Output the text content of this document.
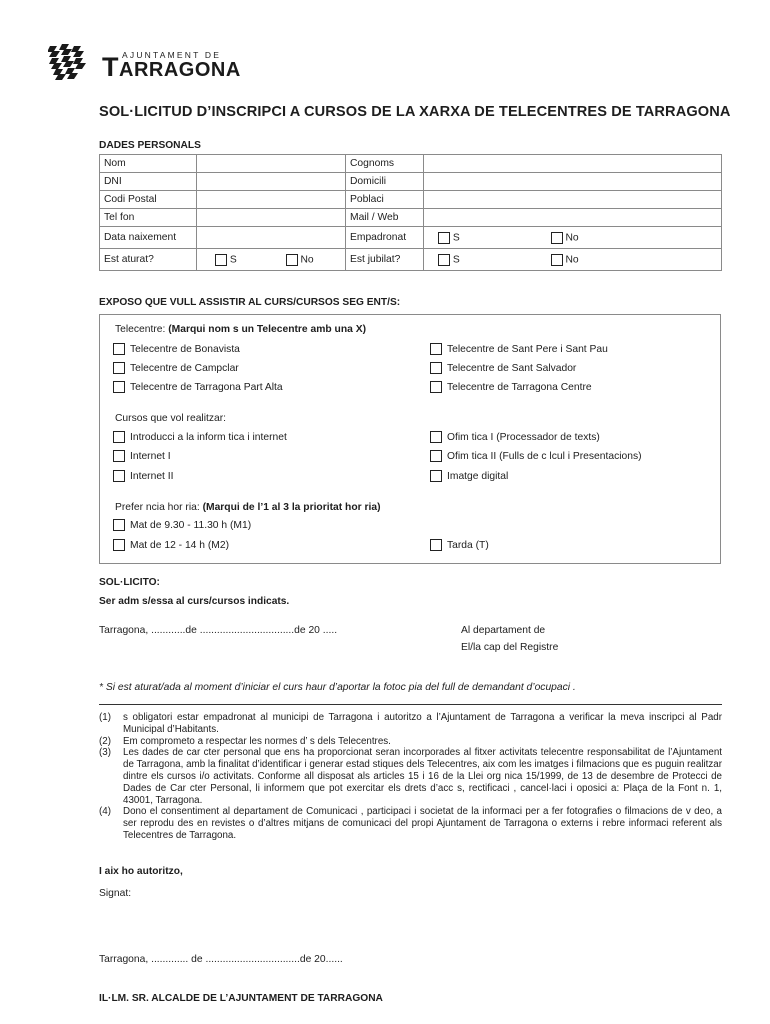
AJUNTAMENT DE
TARRAGONA
SOL·LICITUD D’INSCRIPCI A CURSOS DE LA XARXA DE TELECENTRES DE TARRAGONA
DADES PERSONALS
Nom		Cognoms	
DNI		Domicili	
Codi Postal		Poblaci	
Tel fon		Mail / Web	
Data naixement		Empadronat	S No
Est aturat?	S No	Est jubilat?	S No
EXPOSO QUE VULL ASSISTIR AL CURS/CURSOS SEG ENT/S:
Telecentre: (Marqui nom s un Telecentre amb una X)
Telecentre de Bonavista
Telecentre de Campclar
Telecentre de Tarragona Part Alta
Telecentre de Sant Pere i Sant Pau
Telecentre de Sant Salvador
Telecentre de Tarragona Centre
Cursos que vol realitzar:
Introducci a la inform tica i internet
Internet I
Internet II
Ofim tica I (Processador de texts)
Ofim tica II (Fulls de c lcul i Presentacions)
Imatge digital
Prefer ncia hor ria: (Marqui de l’1 al 3 la prioritat hor ria)
Mat de 9.30 - 11.30 h (M1)
Mat de 12 - 14 h (M2)	Tarda (T)
SOL·LICITO:
Ser adm s/essa al curs/cursos indicats.
Tarragona, ............de .................................de 20 .....	Al departament de
El/la cap del Registre
* Si est aturat/ada al moment d’iniciar el curs haur d’aportar la fotoc pia del full de demandant d’ocupaci .
(1) s obligatori estar empadronat al municipi de Tarragona i autoritzo a l’Ajuntament de Tarragona a verificar la meva inscripci al Padr Municipal d’Habitants.
(2) Em comprometo a respectar les normes d’ s dels Telecentres.
(3) Les dades de car cter personal que ens ha proporcionat seran incorporades al fitxer activitats telecentre responsabilitat de l’Ajuntament de Tarragona, amb la finalitat d’identificar i generar estad stiques dels Telecentres, aix com les imatges i filmacions que es puguin realitzar dintre els cursos i/o activitats. Conforme all disposat als articles 15 i 16 de la Llei org nica 15/1999, de 13 de desembre de Protecci de Dades de Car cter Personal, li informem que pot exercitar els drets d’acc s, rectificaci , cancel·laci i oposici a: Plaça de la Font n. 1, 43001, Tarragona.
(4) Dono el consentiment al departament de Comunicaci , participaci i societat de la informaci per a fer fotografies o filmacions de v deo, a ser reprodu des en revistes o d’altres mitjans de comunicaci del propi Ajuntament de Tarragona o externs i rebre informaci referent als Telecentres de Tarragona.
I aix ho autoritzo,
Signat:
Tarragona, ............. de .................................de 20......
IL·LM. SR. ALCALDE DE L’AJUNTAMENT DE TARRAGONA
